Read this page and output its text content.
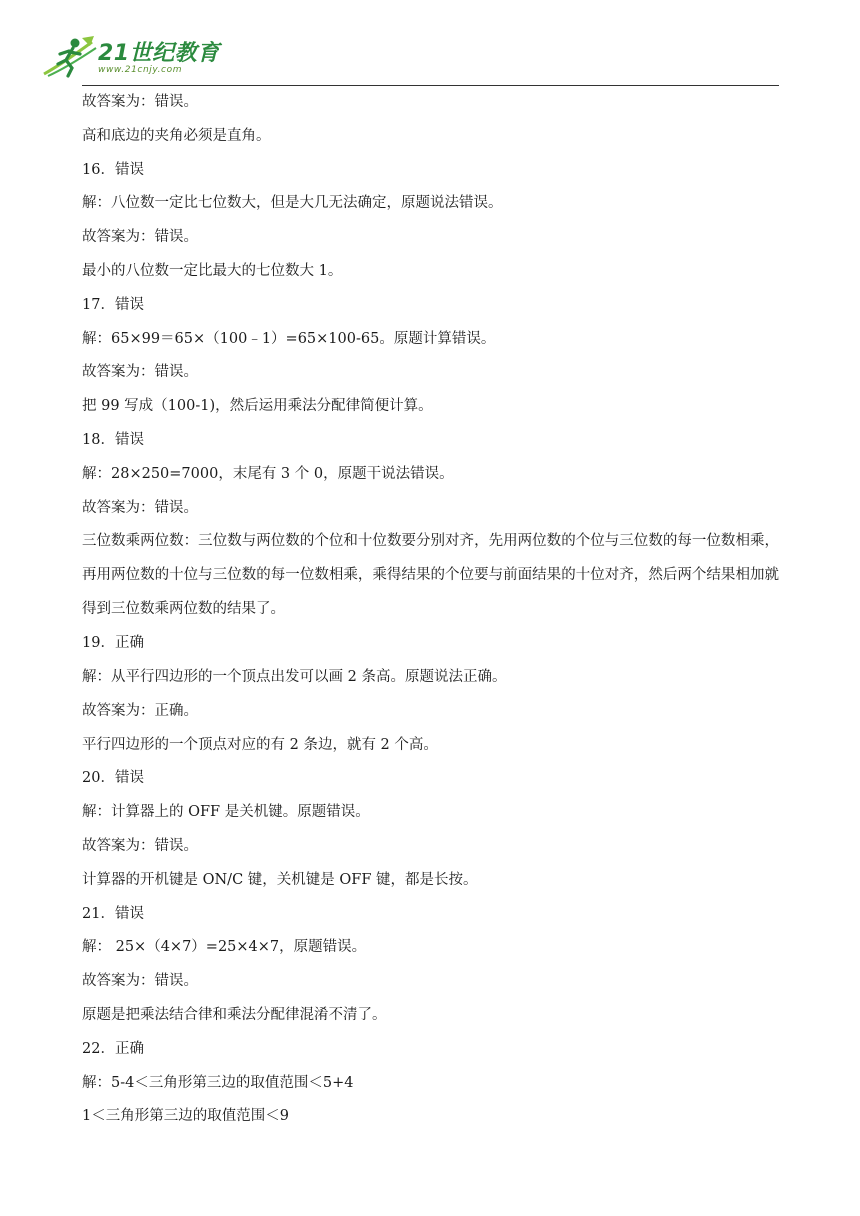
21世纪教育
www.21cnjy.com
故答案为：错误。
高和底边的夹角必须是直角。
16．错误
解：八位数一定比七位数大，但是大几无法确定，原题说法错误。
故答案为：错误。
最小的八位数一定比最大的七位数大 1。
17．错误
解：65×99＝65×（100﹣1）=65×100-65。原题计算错误。
故答案为：错误。
把 99 写成（100-1)，然后运用乘法分配律简便计算。
18．错误
解：28×250=7000，末尾有 3 个 0，原题干说法错误。
故答案为：错误。
三位数乘两位数：三位数与两位数的个位和十位数要分别对齐，先用两位数的个位与三位数的每一位数相乘，再用两位数的十位与三位数的每一位数相乘，乘得结果的个位要与前面结果的十位对齐，然后两个结果相加就得到三位数乘两位数的结果了。
19．正确
解：从平行四边形的一个顶点出发可以画 2 条高。原题说法正确。
故答案为：正确。
平行四边形的一个顶点对应的有 2 条边，就有 2 个高。
20．错误
解：计算器上的 OFF 是关机键。原题错误。
故答案为：错误。
计算器的开机键是 ON/C 键，关机键是 OFF 键，都是长按。
21．错误
解： 25×（4×7）=25×4×7，原题错误。
故答案为：错误。
原题是把乘法结合律和乘法分配律混淆不清了。
22．正确
解：5-4＜三角形第三边的取值范围＜5+4
1＜三角形第三边的取值范围＜9
